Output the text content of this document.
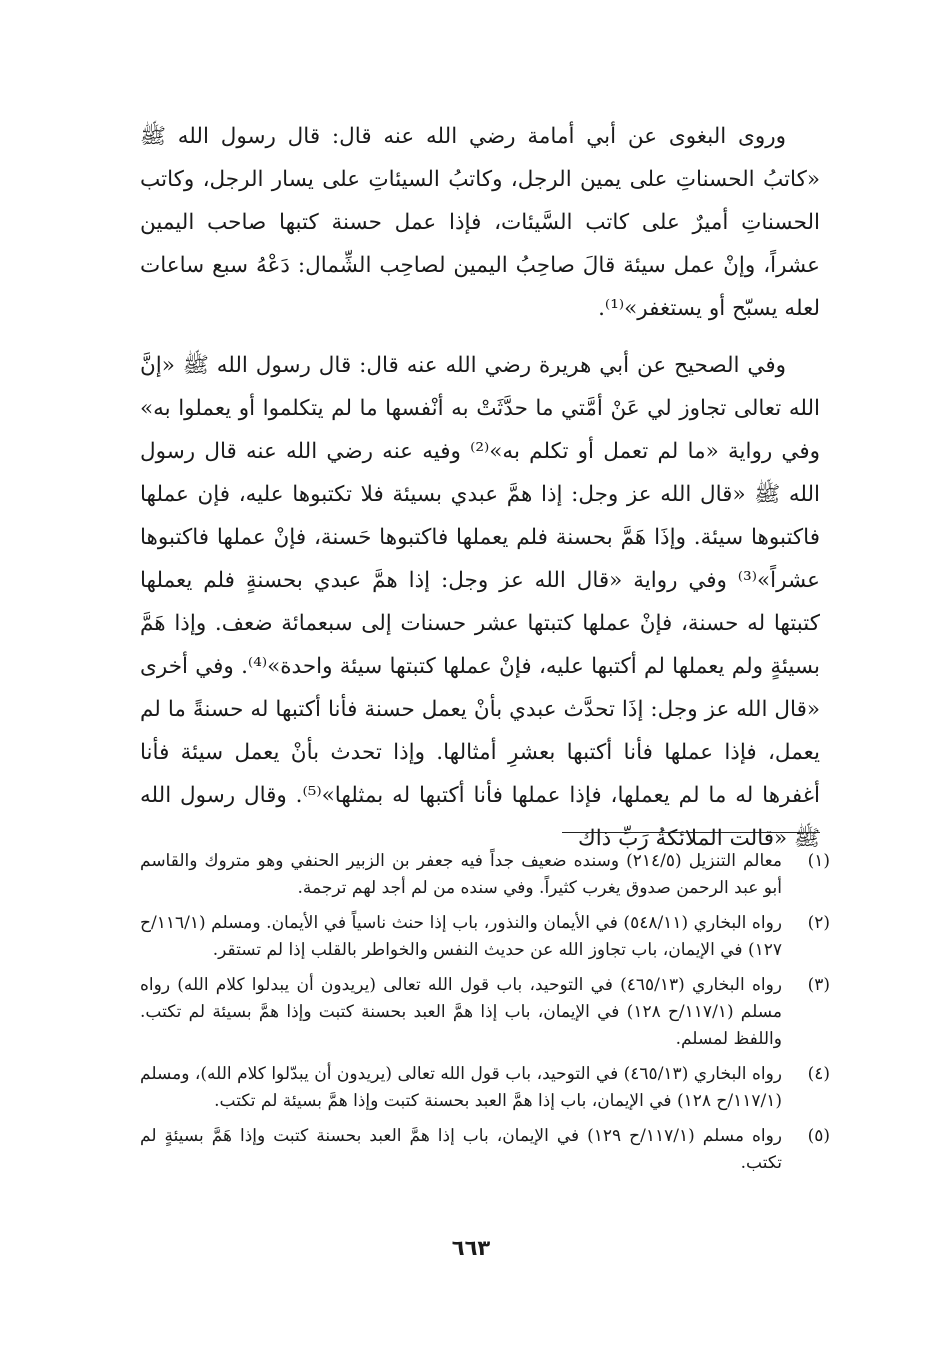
وروى البغوى عن أبي أمامة رضي الله عنه قال: قال رسول الله ﷺ «كاتبُ الحسناتِ على يمين الرجل، وكاتبُ السيئاتِ على يسار الرجل، وكاتب الحسناتِ أميرٌ على كاتب السَّيئات، فإذا عمل حسنة كتبها صاحب اليمين عشراً، وإنْ عمل سيئة قالَ صاحِبُ اليمين لصاحِب الشِّمال: دَعْهُ سبع ساعات لعله يسبّح أو يستغفر»⁽¹⁾.

وفي الصحيح عن أبي هريرة رضي الله عنه قال: قال رسول الله ﷺ «إنَّ الله تعالى تجاوز لي عَنْ أمَّتي ما حدَّثَتْ به أنْفسها ما لم يتكلموا أو يعملوا به» وفي رواية «ما لم تعمل أو تكلم به»⁽²⁾ وفيه عنه رضي الله عنه قال رسول الله ﷺ «قال الله عز وجل: إذا همَّ عبدي بسيئة فلا تكتبوها عليه، فإن عملها فاكتبوها سيئة. وإذَا هَمَّ بحسنة فلم يعملها فاكتبوها حَسنة، فإنْ عملها فاكتبوها عشراً»⁽³⁾ وفي رواية «قال الله عز وجل: إذا همَّ عبدي بحسنةٍ فلم يعملها كتبتها له حسنة، فإنْ عملها كتبتها عشر حسنات إلى سبعمائة ضعف. وإذا هَمَّ بسيئةٍ ولم يعملها لم أكتبها عليه، فإنْ عملها كتبتها سيئة واحدة»⁽⁴⁾. وفي أخرى «قال الله عز وجل: إذَا تحدَّث عبدي بأنْ يعمل حسنة فأنا أكتبها له حسنةً ما لم يعمل، فإذا عملها فأنا أكتبها بعشرِ أمثالها. وإذا تحدث بأنْ يعمل سيئة فأنا أغفرها له ما لم يعملها، فإذا عملها فأنا أكتبها له بمثلها»⁽⁵⁾. وقال رسول الله ﷺ «قالت الملائكةُ رَبِّ ذاك

(١)
معالم التنزيل (٢١٤/٥) وسنده ضعيف جداً فيه جعفر بن الزبير الحنفي وهو متروك والقاسم أبو عبد الرحمن صدوق يغرب كثيراً. وفي سنده من لم أجد لهم ترجمة.
(٢)
رواه البخاري (٥٤٨/١١) في الأيمان والنذور، باب إذا حنث ناسياً في الأيمان. ومسلم (١١٦/١/ح ١٢٧) في الإيمان، باب تجاوز الله عن حديث النفس والخواطر بالقلب إذا لم تستقر.
(٣)
رواه البخاري (٤٦٥/١٣) في التوحيد، باب قول الله تعالى (يريدون أن يبدلوا كلام الله) رواه مسلم (١١٧/١/ح ١٢٨) في الإيمان، باب إذا همَّ العبد بحسنة كتبت وإذا همَّ بسيئة لم تكتب. واللفظ لمسلم.
(٤)
رواه البخاري (٤٦٥/١٣) في التوحيد، باب قول الله تعالى (يريدون أن يبدّلوا كلام الله)، ومسلم (١١٧/١/ح ١٢٨) في الإيمان، باب إذا همَّ العبد بحسنة كتبت وإذا همَّ بسيئة لم تكتب.
(٥)
رواه مسلم (١١٧/١/ح ١٢٩) في الإيمان، باب إذا همَّ العبد بحسنة كتبت وإذا هَمَّ بسيئةٍ لم تكتب.
٦٦٣
